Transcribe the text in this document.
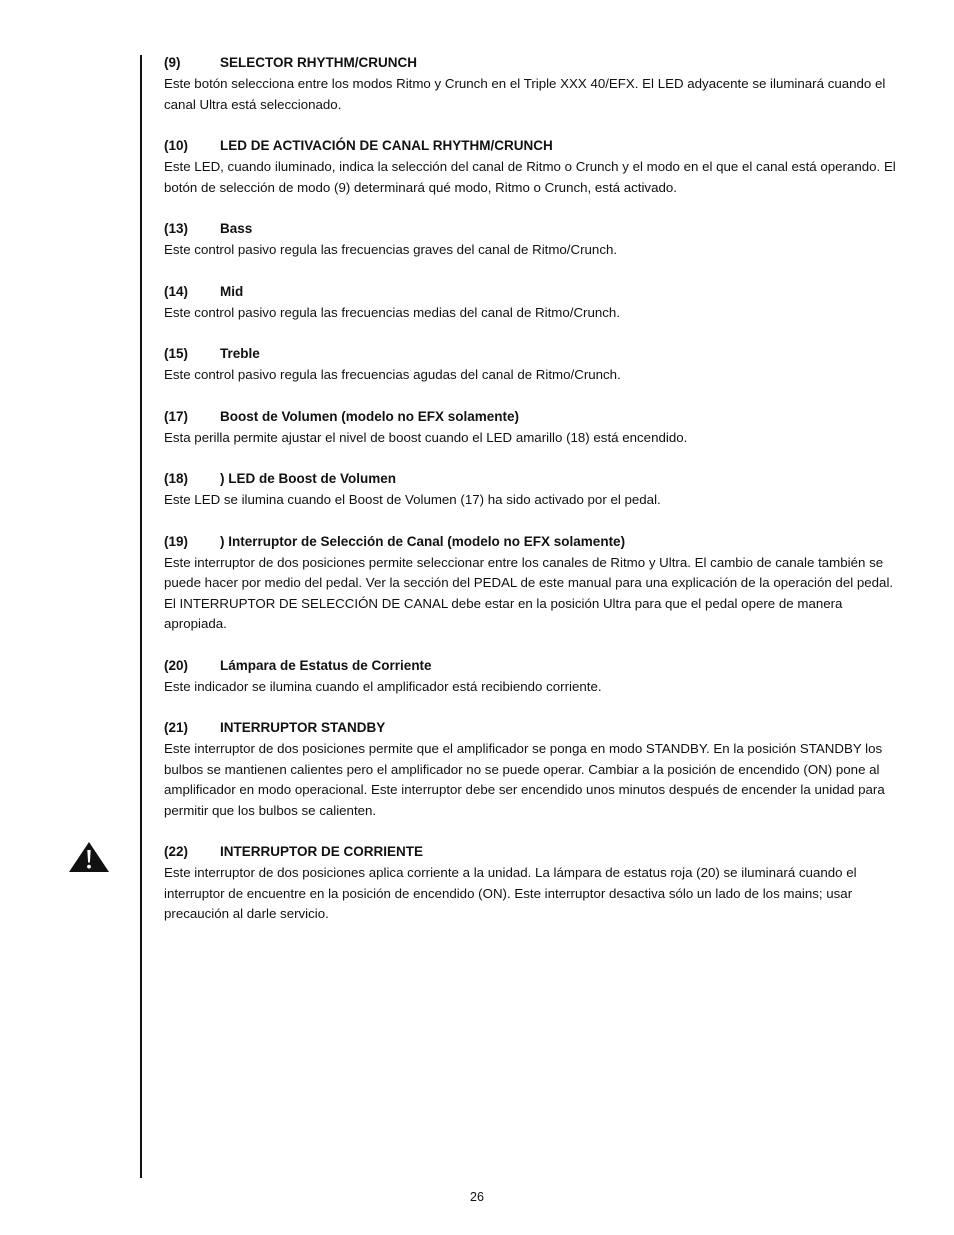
(9)	SELECTOR RHYTHM/CRUNCH
Este botón selecciona entre los modos Ritmo y Crunch en el Triple XXX 40/EFX. El LED adyacente se iluminará cuando el canal Ultra está seleccionado.
(10) LED DE ACTIVACIÓN DE CANAL RHYTHM/CRUNCH
Este LED, cuando iluminado, indica la selección del canal de Ritmo o Crunch y el modo en el que el canal está operando. El botón de selección de modo (9) determinará qué modo, Ritmo o Crunch, está activado.
(13) Bass
Este control pasivo regula las frecuencias graves del canal de Ritmo/Crunch.
(14) Mid
Este control pasivo regula las frecuencias medias del canal de Ritmo/Crunch.
(15) Treble
Este control pasivo regula las frecuencias agudas del canal de Ritmo/Crunch.
(17) Boost de Volumen (modelo no EFX solamente)
Esta perilla permite ajustar el nivel de boost cuando el LED amarillo (18) está encendido.
(18) ) LED de Boost de Volumen
Este LED se ilumina cuando el Boost de Volumen (17) ha sido activado por el pedal.
(19) ) Interruptor de Selección de Canal (modelo no EFX solamente)
Este interruptor de dos posiciones permite seleccionar entre los canales de Ritmo y Ultra. El cambio de canale también se puede hacer por medio del pedal. Ver la sección del PEDAL de este manual para una explicación de la operación del pedal. El INTERRUPTOR DE SELECCIÓN DE CANAL debe estar en la posición Ultra para que el pedal opere de manera apropiada.
(20) Lámpara de Estatus de Corriente
Este indicador se ilumina cuando el amplificador está recibiendo corriente.
(21) INTERRUPTOR STANDBY
Este interruptor de dos posiciones permite que el amplificador se ponga en modo STANDBY. En la posición STANDBY los bulbos se mantienen calientes pero el amplificador no se puede operar. Cambiar a la posición de encendido (ON) pone al amplificador en modo operacional. Este interruptor debe ser encendido unos minutos después de encender la unidad para permitir que los bulbos se calienten.
(22) INTERRUPTOR DE CORRIENTE
Este interruptor de dos posiciones aplica corriente a la unidad. La lámpara de estatus roja (20) se iluminará cuando el interruptor de encuentre en la posición de encendido (ON). Este interruptor desactiva sólo un lado de los mains; usar precaución al darle servicio.
26
